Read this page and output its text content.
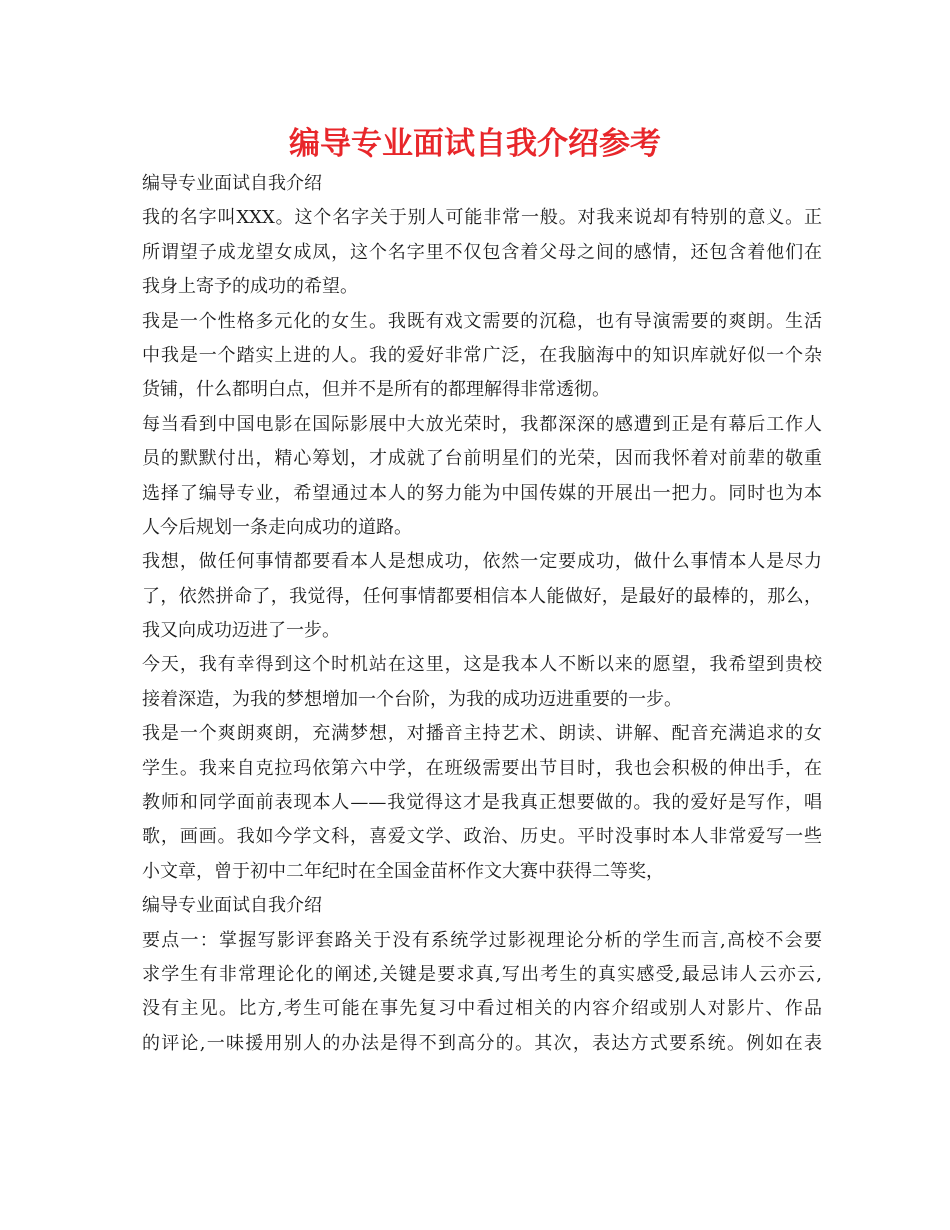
编导专业面试自我介绍参考
编导专业面试自我介绍
我的名字叫XXX。这个名字关于别人可能非常一般。对我来说却有特别的意义。正
所谓望子成龙望女成凤，这个名字里不仅包含着父母之间的感情，还包含着他们在
我身上寄予的成功的希望。
我是一个性格多元化的女生。我既有戏文需要的沉稳，也有导演需要的爽朗。生活
中我是一个踏实上进的人。我的爱好非常广泛，在我脑海中的知识库就好似一个杂
货铺，什么都明白点，但并不是所有的都理解得非常透彻。
每当看到中国电影在国际影展中大放光荣时，我都深深的感遭到正是有幕后工作人
员的默默付出，精心筹划，才成就了台前明星们的光荣，因而我怀着对前辈的敬重
选择了编导专业，希望通过本人的努力能为中国传媒的开展出一把力。同时也为本
人今后规划一条走向成功的道路。
我想，做任何事情都要看本人是想成功，依然一定要成功，做什么事情本人是尽力
了，依然拼命了，我觉得，任何事情都要相信本人能做好，是最好的最棒的，那么，
我又向成功迈进了一步。
今天，我有幸得到这个时机站在这里，这是我本人不断以来的愿望，我希望到贵校
接着深造，为我的梦想增加一个台阶，为我的成功迈进重要的一步。
我是一个爽朗爽朗，充满梦想，对播音主持艺术、朗读、讲解、配音充满追求的女
学生。我来自克拉玛依第六中学，在班级需要出节目时，我也会积极的伸出手，在
教师和同学面前表现本人——我觉得这才是我真正想要做的。我的爱好是写作，唱
歌，画画。我如今学文科，喜爱文学、政治、历史。平时没事时本人非常爱写一些
小文章，曾于初中二年纪时在全国金苗杯作文大赛中获得二等奖，
编导专业面试自我介绍
要点一：掌握写影评套路关于没有系统学过影视理论分析的学生而言,高校不会要
求学生有非常理论化的阐述,关键是要求真,写出考生的真实感受,最忌讳人云亦云,
没有主见。比方,考生可能在事先复习中看过相关的内容介绍或别人对影片、作品
的评论,一味援用别人的办法是得不到高分的。其次，表达方式要系统。例如在表
